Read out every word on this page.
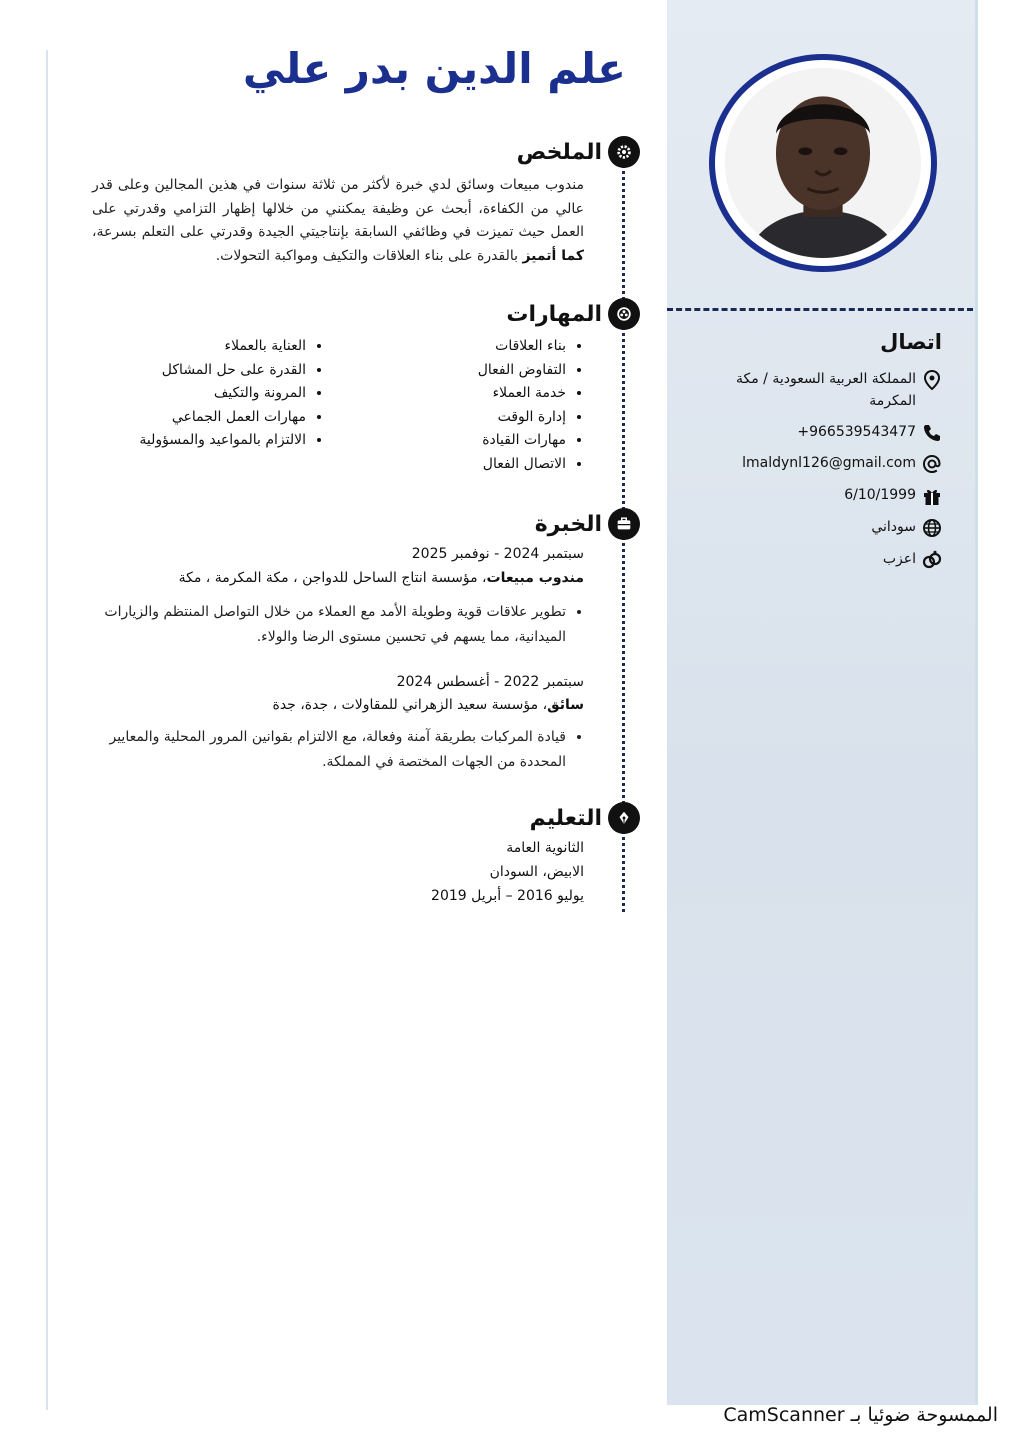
اتصال
المملكة العربية السعودية / مكة المكرمة
+966539543477
lmaldynl126@gmail.com
6/10/1999
سوداني
اعزب
علم الدين بدر علي
الملخص
مندوب مبيعات وسائق لدي خبرة لأكثر من ثلاثة سنوات في هذين المجالين وعلى قدر عالي من الكفاءة، أبحث عن وظيفة يمكنني من خلالها إظهار التزامي وقدرتي على العمل حيث تميزت في وظائفي السابقة بإنتاجيتي الجيدة وقدرتي على التعلم بسرعة، كما أتميز بالقدرة على بناء العلاقات والتكيف ومواكبة التحولات.
المهارات
• بناء العلاقات
• التفاوض الفعال
• خدمة العملاء
• إدارة الوقت
• مهارات القيادة
• الاتصال الفعال
• العناية بالعملاء
• القدرة على حل المشاكل
• المرونة والتكيف
• مهارات العمل الجماعي
• الالتزام بالمواعيد والمسؤولية
الخبرة
سبتمبر 2024 - نوفمبر 2025
مندوب مبيعات، مؤسسة انتاج الساحل للدواجن ، مكة المكرمة ، مكة
• تطوير علاقات قوية وطويلة الأمد مع العملاء من خلال التواصل المنتظم والزيارات الميدانية، مما يسهم في تحسين مستوى الرضا والولاء.
سبتمبر 2022 - أغسطس 2024
سائق، مؤسسة سعيد الزهراني للمقاولات ، جدة، جدة
• قيادة المركبات بطريقة آمنة وفعالة، مع الالتزام بقوانين المرور المحلية والمعايير المحددة من الجهات المختصة في المملكة.
التعليم
الثانوية العامة
الابيض، السودان
يوليو 2016 – أبريل 2019
الممسوحة ضوئيا بـ CamScanner
